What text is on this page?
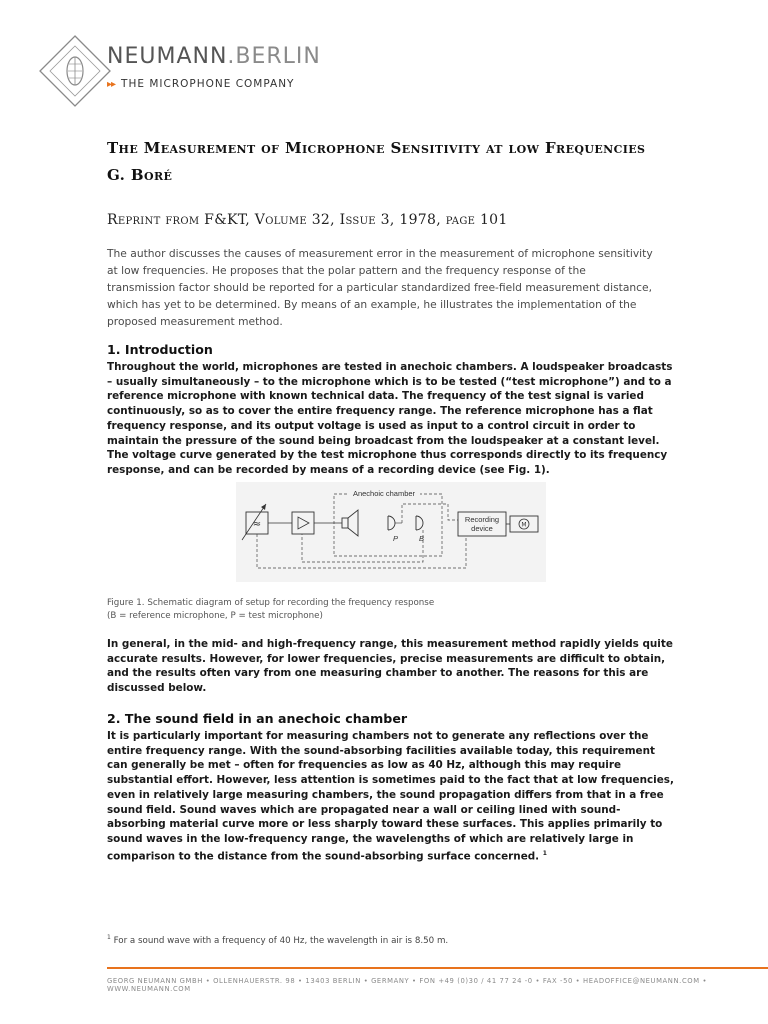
NEUMANN.BERLIN
▸▸ THE MICROPHONE COMPANY
The Measurement of Microphone Sensitivity at low Frequencies
G. Boré
Reprint from F&KT, Volume 32, Issue 3, 1978, page 101
The author discusses the causes of measurement error in the measurement of microphone sensitivity at low frequencies. He proposes that the polar pattern and the frequency response of the transmission factor should be reported for a particular standardized free-field measurement distance, which has yet to be determined. By means of an example, he illustrates the implementation of the proposed measurement method.
1. Introduction
Throughout the world, microphones are tested in anechoic chambers. A loudspeaker broadcasts – usually simultaneously – to the microphone which is to be tested (“test microphone”) and to a reference microphone with known technical data. The frequency of the test signal is varied continuously, so as to cover the entire frequency range. The reference microphone has a flat frequency response, and its output voltage is used as input to a control circuit in order to maintain the pressure of the sound being broadcast from the loudspeaker at a constant level. The voltage curve generated by the test microphone thus corresponds directly to its frequency response, and can be recorded by means of a recording device (see Fig. 1).
Anechoic chamber
≈
P	B
Recording
device	M
Figure 1. Schematic diagram of setup for recording the frequency response
(B = reference microphone, P = test microphone)
In general, in the mid- and high-frequency range, this measurement method rapidly yields quite accurate results. However, for lower frequencies, precise measurements are difficult to obtain, and the results often vary from one measuring chamber to another. The reasons for this are discussed below.
2. The sound field in an anechoic chamber
It is particularly important for measuring chambers not to generate any reflections over the entire frequency range. With the sound-absorbing facilities available today, this requirement can generally be met – often for frequencies as low as 40 Hz, although this may require substantial effort. However, less attention is sometimes paid to the fact that at low frequencies, even in relatively large measuring chambers, the sound propagation differs from that in a free sound field. Sound waves which are propagated near a wall or ceiling lined with sound-absorbing material curve more or less sharply toward these surfaces. This applies primarily to sound waves in the low-frequency range, the wavelengths of which are relatively large in comparison to the distance from the sound-absorbing surface concerned. $^1$
$^1$ For a sound wave with a frequency of 40 Hz, the wavelength in air is 8.50 m.
GEORG NEUMANN GMBH • OLLENHAUERSTR. 98 • 13403 BERLIN • GERMANY • FON +49 (0)30 / 41 77 24 -0 • FAX -50 • HEADOFFICE@NEUMANN.COM • WWW.NEUMANN.COM
